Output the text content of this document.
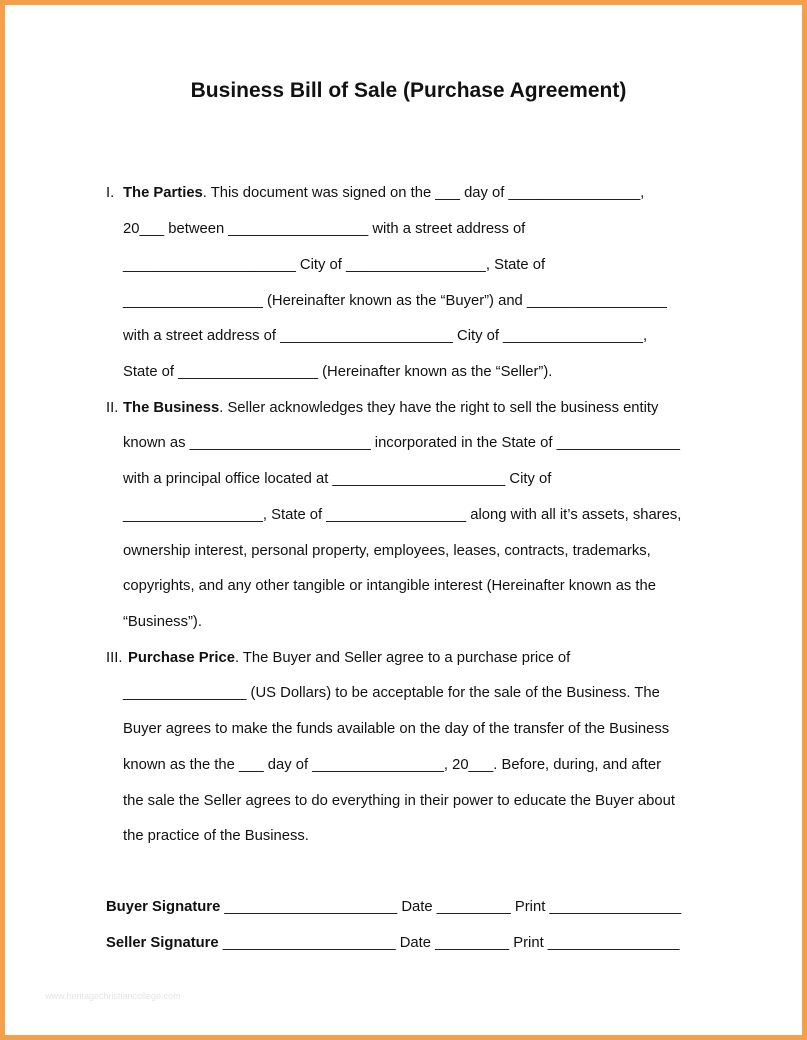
Business Bill of Sale (Purchase Agreement)
I. The Parties. This document was signed on the ___ day of ________________,
20___ between _________________ with a street address of
_____________________ City of _________________, State of
_________________ (Hereinafter known as the “Buyer”) and _________________
with a street address of _____________________ City of _________________,
State of _________________ (Hereinafter known as the “Seller”).
II. The Business. Seller acknowledges they have the right to sell the business entity
known as ______________________ incorporated in the State of _______________
with a principal office located at _____________________ City of
_________________, State of _________________ along with all it’s assets, shares,
ownership interest, personal property, employees, leases, contracts, trademarks,
copyrights, and any other tangible or intangible interest (Hereinafter known as the
“Business”).
III. Purchase Price. The Buyer and Seller agree to a purchase price of
_______________ (US Dollars) to be acceptable for the sale of the Business. The
Buyer agrees to make the funds available on the day of the transfer of the Business
known as the the ___ day of ________________, 20___. Before, during, and after
the sale the Seller agrees to do everything in their power to educate the Buyer about
the practice of the Business.
Buyer Signature _____________________ Date _________ Print ________________
Seller Signature _____________________ Date _________ Print ________________
www.heritagechristiancollege.com
